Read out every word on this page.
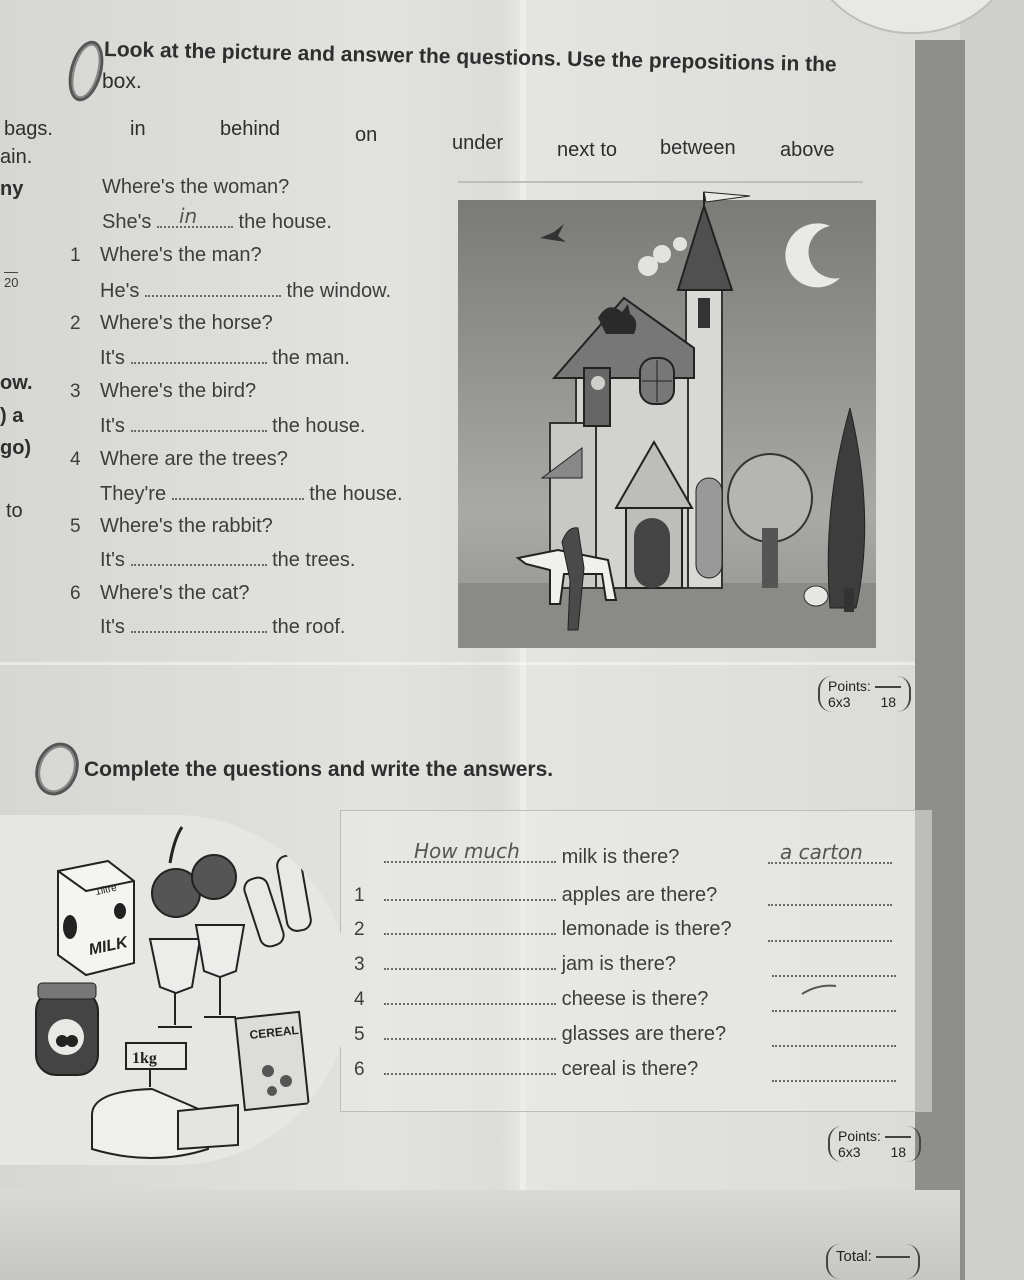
bags.
ain.
ny
20
ow.
) a
go)
to
Look at the picture and answer the questions. Use the prepositions in the
box.
in	behind	on	under	next to between above
Where's the woman?
She's in the house.
1 Where's the man?
He's	the window.
2 Where's the horse?
It's	the man.
3 Where's the bird?
It's	the house.
4 Where are the trees?
They're	the house.
5 Where's the rabbit?
It's	the trees.
6 Where's the cat?
It's	the roof.
Points:
6x3 18
Complete the questions and write the answers.
MILK
1litre
CEREAL
1kg
How much milk is there?	a carton
1	apples are there?
2	lemonade is there?
3	jam is there?
4	cheese is there?
5	glasses are there?
6	cereal is there?
Points:
6x3 18
Total:
